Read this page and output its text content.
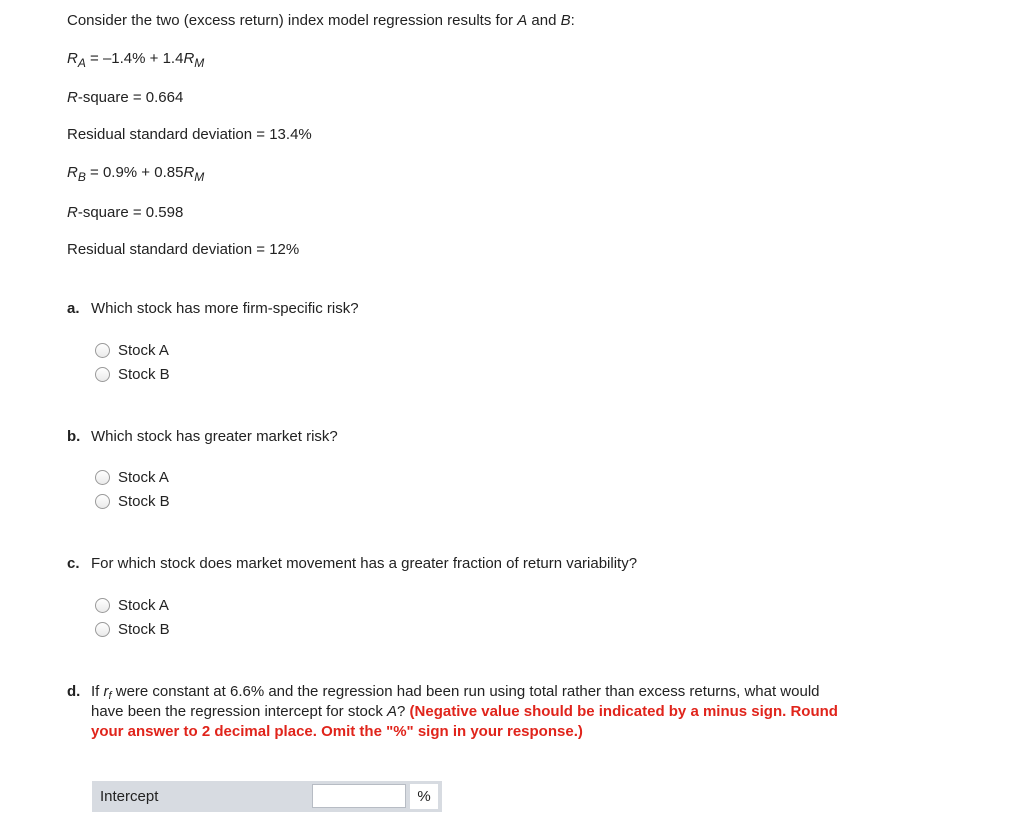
Consider the two (excess return) index model regression results for A and B:
$R_A = -1.4\% + 1.4R_M$
R-square = 0.664
Residual standard deviation = 13.4%
$R_B = 0.9\% + 0.85R_M$
R-square = 0.598
Residual standard deviation = 12%
a. Which stock has more firm-specific risk?
Stock A
Stock B
b. Which stock has greater market risk?
Stock A
Stock B
c. For which stock does market movement has a greater fraction of return variability?
Stock A
Stock B
d. If $r_f$ were constant at 6.6% and the regression had been run using total rather than excess returns, what would have been the regression intercept for stock A? (Negative value should be indicated by a minus sign. Round your answer to 2 decimal place. Omit the "%" sign in your response.)
Intercept	%
